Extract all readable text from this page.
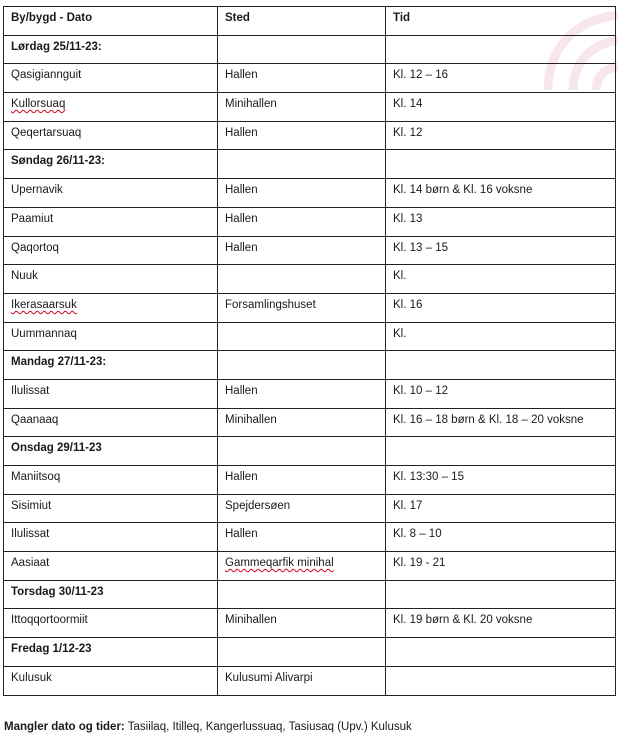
By/bygd - Dato	Sted	Tid
Lørdag 25/11-23:		
Qasigiannguit	Hallen	Kl. 12 – 16
Kullorsuaq	Minihallen	Kl. 14
Qeqertarsuaq	Hallen	Kl. 12
Søndag 26/11-23:		
Upernavik	Hallen	Kl. 14 børn & Kl. 16 voksne
Paamiut	Hallen	Kl. 13
Qaqortoq	Hallen	Kl. 13 – 15
Nuuk		Kl.
Ikerasaarsuk	Forsamlingshuset	Kl. 16
Uummannaq		Kl.
Mandag 27/11-23:		
Ilulissat	Hallen	Kl. 10 – 12
Qaanaaq	Minihallen	Kl. 16 – 18 børn & Kl. 18 – 20 voksne
Onsdag 29/11-23		
Maniitsoq	Hallen	Kl. 13:30 – 15
Sisimiut	Spejdersøen	Kl. 17
Ilulissat	Hallen	Kl. 8 – 10
Aasiaat	Gammeqarfik minihal	Kl. 19 - 21
Torsdag 30/11-23		
Ittoqqortoormiit	Minihallen	Kl. 19 børn & Kl. 20 voksne
Fredag 1/12-23		
Kulusuk	Kulusumi Alivarpi	
Mangler dato og tider: Tasiilaq, Itilleq, Kangerlussuaq, Tasiusaq (Upv.) Kulusuk
